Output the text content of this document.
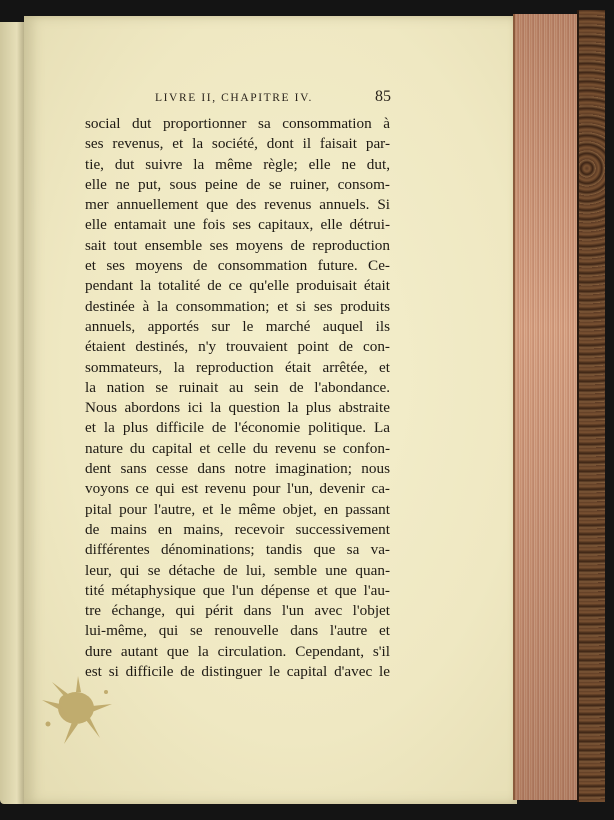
LIVRE II, CHAPITRE IV.	85
social dut proportionner sa consommation à
ses revenus, et la société, dont il faisait par-
tie, dut suivre la même règle; elle ne dut,
elle ne put, sous peine de se ruiner, consom-
mer annuellement que des revenus annuels. Si
elle entamait une fois ses capitaux, elle détrui-
sait tout ensemble ses moyens de reproduction
et ses moyens de consommation future. Ce-
pendant la totalité de ce qu'elle produisait était
destinée à la consommation; et si ses produits
annuels, apportés sur le marché auquel ils
étaient destinés, n'y trouvaient point de con-
sommateurs, la reproduction était arrêtée, et
la nation se ruinait au sein de l'abondance.
Nous abordons ici la question la plus abstraite
et la plus difficile de l'économie politique. La
nature du capital et celle du revenu se confon-
dent sans cesse dans notre imagination; nous
voyons ce qui est revenu pour l'un, devenir ca-
pital pour l'autre, et le même objet, en passant
de mains en mains, recevoir successivement
différentes dénominations; tandis que sa va-
leur, qui se détache de lui, semble une quan-
tité métaphysique que l'un dépense et que l'au-
tre échange, qui périt dans l'un avec l'objet
lui-même, qui se renouvelle dans l'autre et
dure autant que la circulation. Cependant, s'il
est si difficile de distinguer le capital d'avec le
